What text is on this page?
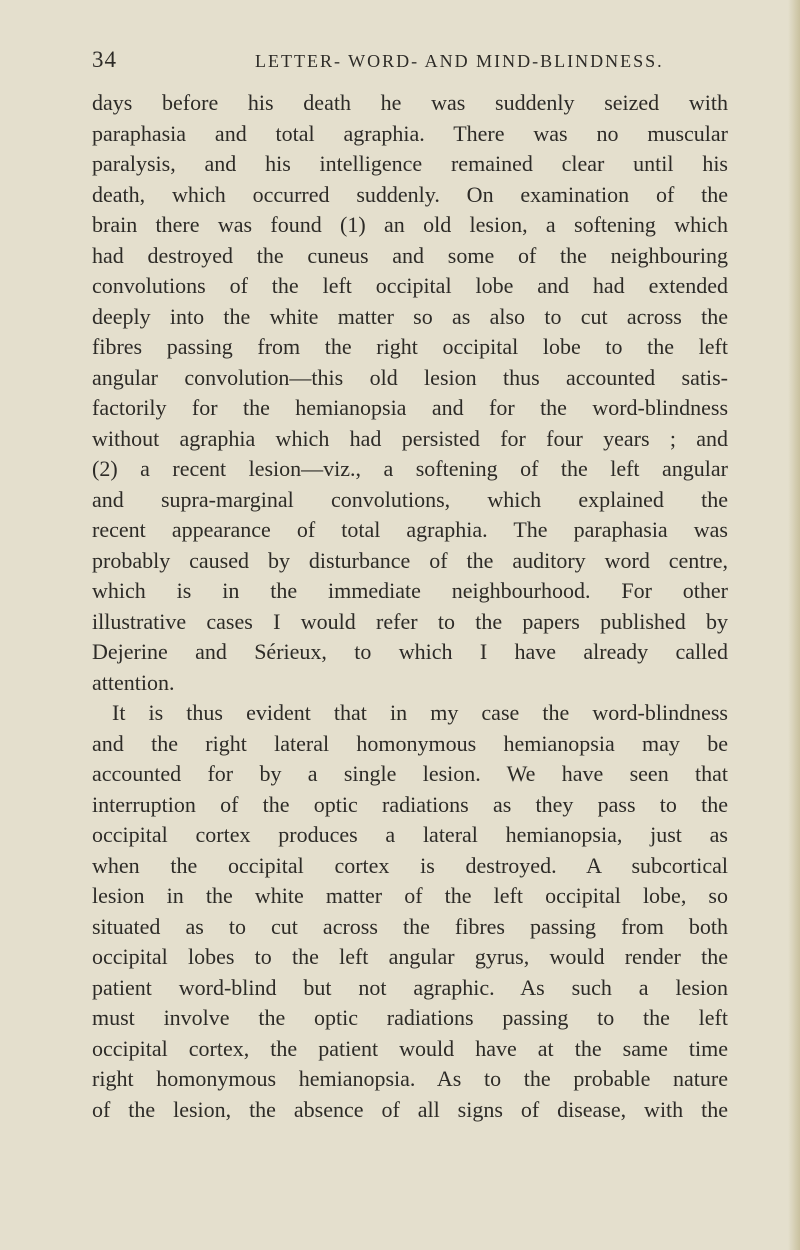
34	LETTER- WORD- AND MIND-BLINDNESS.
days before his death he was suddenly seized with
paraphasia and total agraphia. There was no muscular
paralysis, and his intelligence remained clear until his
death, which occurred suddenly. On examination of the
brain there was found (1) an old lesion, a softening which
had destroyed the cuneus and some of the neighbouring
convolutions of the left occipital lobe and had extended
deeply into the white matter so as also to cut across the
fibres passing from the right occipital lobe to the left
angular convolution—this old lesion thus accounted satis-
factorily for the hemianopsia and for the word-blindness
without agraphia which had persisted for four years ; and
(2) a recent lesion—viz., a softening of the left angular
and supra-marginal convolutions, which explained the
recent appearance of total agraphia. The paraphasia was
probably caused by disturbance of the auditory word centre,
which is in the immediate neighbourhood. For other
illustrative cases I would refer to the papers published by
Dejerine and Sérieux, to which I have already called
attention.
It is thus evident that in my case the word-blindness
and the right lateral homonymous hemianopsia may be
accounted for by a single lesion. We have seen that
interruption of the optic radiations as they pass to the
occipital cortex produces a lateral hemianopsia, just as
when the occipital cortex is destroyed. A subcortical
lesion in the white matter of the left occipital lobe, so
situated as to cut across the fibres passing from both
occipital lobes to the left angular gyrus, would render the
patient word-blind but not agraphic. As such a lesion
must involve the optic radiations passing to the left
occipital cortex, the patient would have at the same time
right homonymous hemianopsia. As to the probable nature
of the lesion, the absence of all signs of disease, with the
